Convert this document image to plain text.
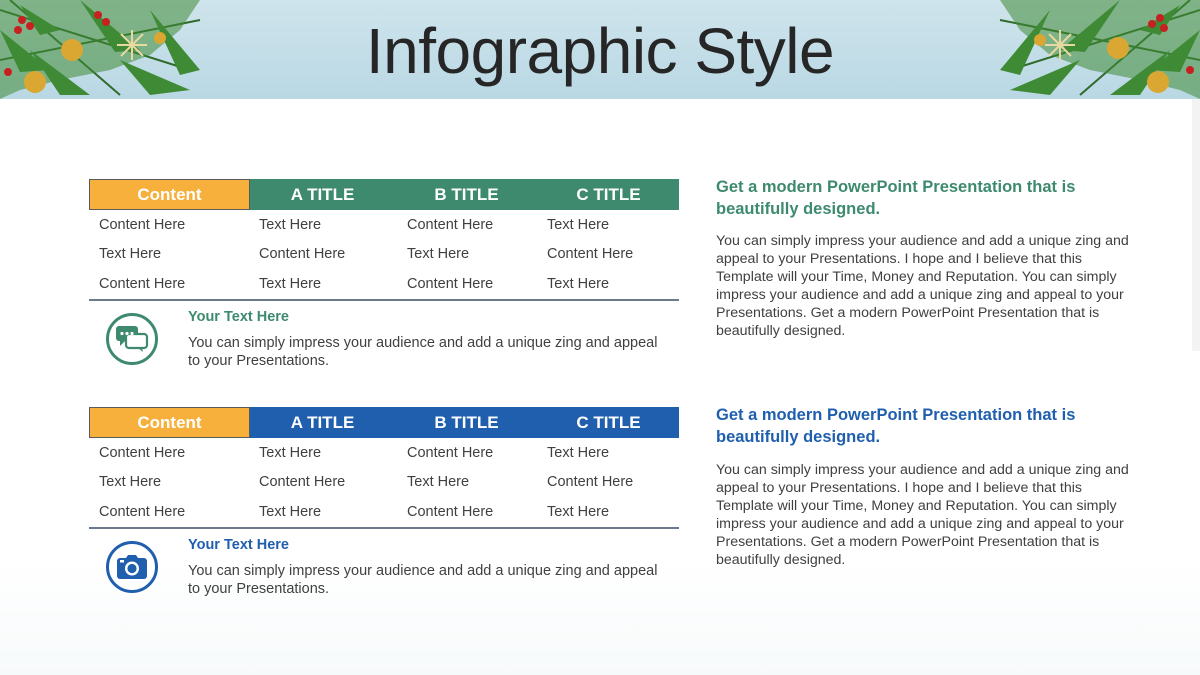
Infographic Style
Content	A TITLE	B TITLE	C TITLE
Content Here	Text Here	Content Here	Text Here
Text Here	Content Here	Text Here	Content Here
Content Here	Text Here	Content Here	Text Here
Your Text Here
You can simply impress your audience and add a unique zing and appeal to your Presentations.
Get a modern PowerPoint Presentation that is beautifully designed.
You can simply impress your audience and add a unique zing and appeal to your Presentations. I hope and I believe that this Template will your Time, Money and Reputation. You can simply impress your audience and add a unique zing and appeal to your Presentations. Get a modern PowerPoint Presentation that is beautifully designed.
Content	A TITLE	B TITLE	C TITLE
Content Here	Text Here	Content Here	Text Here
Text Here	Content Here	Text Here	Content Here
Content Here	Text Here	Content Here	Text Here
Your Text Here
You can simply impress your audience and add a unique zing and appeal to your Presentations.
Get a modern PowerPoint Presentation that is beautifully designed.
You can simply impress your audience and add a unique zing and appeal to your Presentations. I hope and I believe that this Template will your Time, Money and Reputation. You can simply impress your audience and add a unique zing and appeal to your Presentations. Get a modern PowerPoint Presentation that is beautifully designed.
